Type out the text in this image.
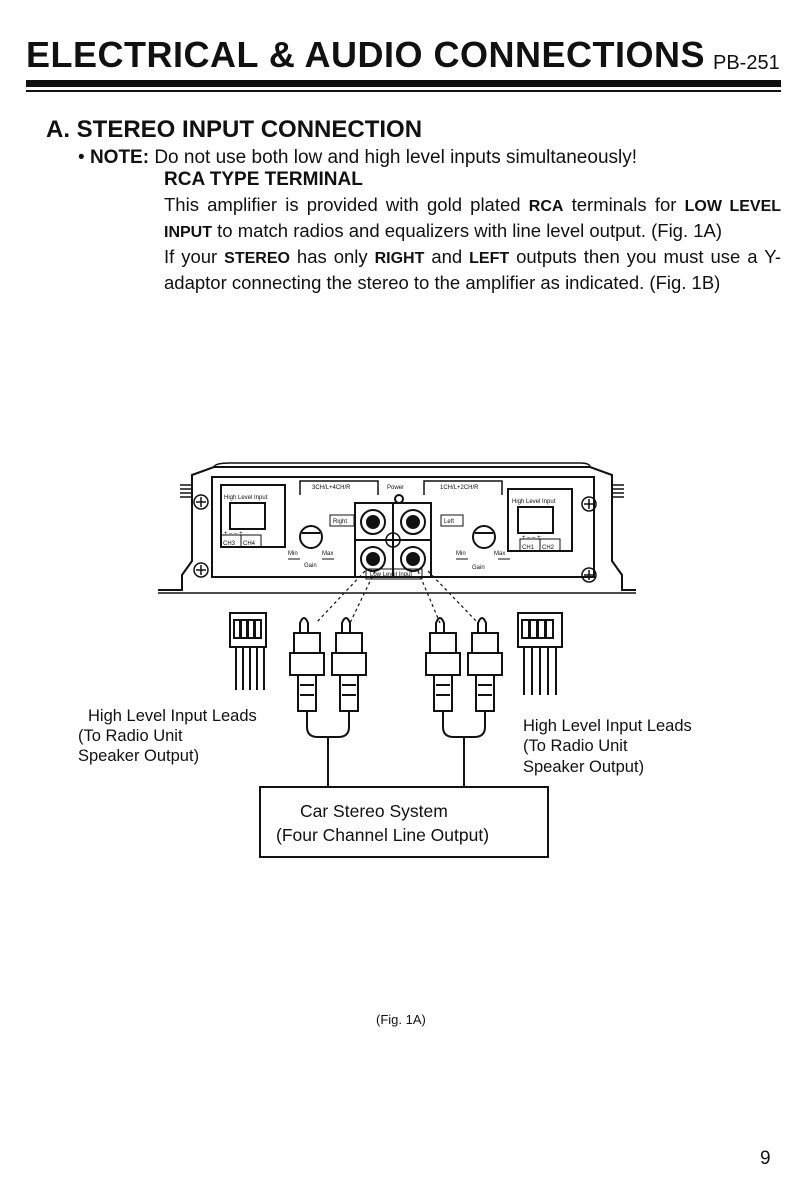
ELECTRICAL & AUDIO CONNECTIONS PB-251
A. STEREO INPUT CONNECTION
• NOTE: Do not use both low and high level inputs simultaneously!
RCA TYPE TERMINAL
This amplifier is provided with gold plated RCA terminals for LOW LEVEL INPUT to match radios and equalizers with line level output. (Fig. 1A)
If your STEREO has only RIGHT and LEFT outputs then you must use a Y-adaptor connecting the stereo to the amplifier as indicated. (Fig. 1B)
High Level Input
High Level Input
3CH/L+4CH/R	Power	1CH/L+2CH/R
Right	Left
CH3 CH4
CH1 CH2
+ – – +
+ – – +
Min	Max	Min	Max
Gain	Gain
Low Level Input
High Level Input Leads
(To Radio Unit
Speaker Output)
High Level Input Leads
(To Radio Unit
Speaker Output)
Car Stereo System
(Four Channel Line Output)
(Fig. 1A)
9
